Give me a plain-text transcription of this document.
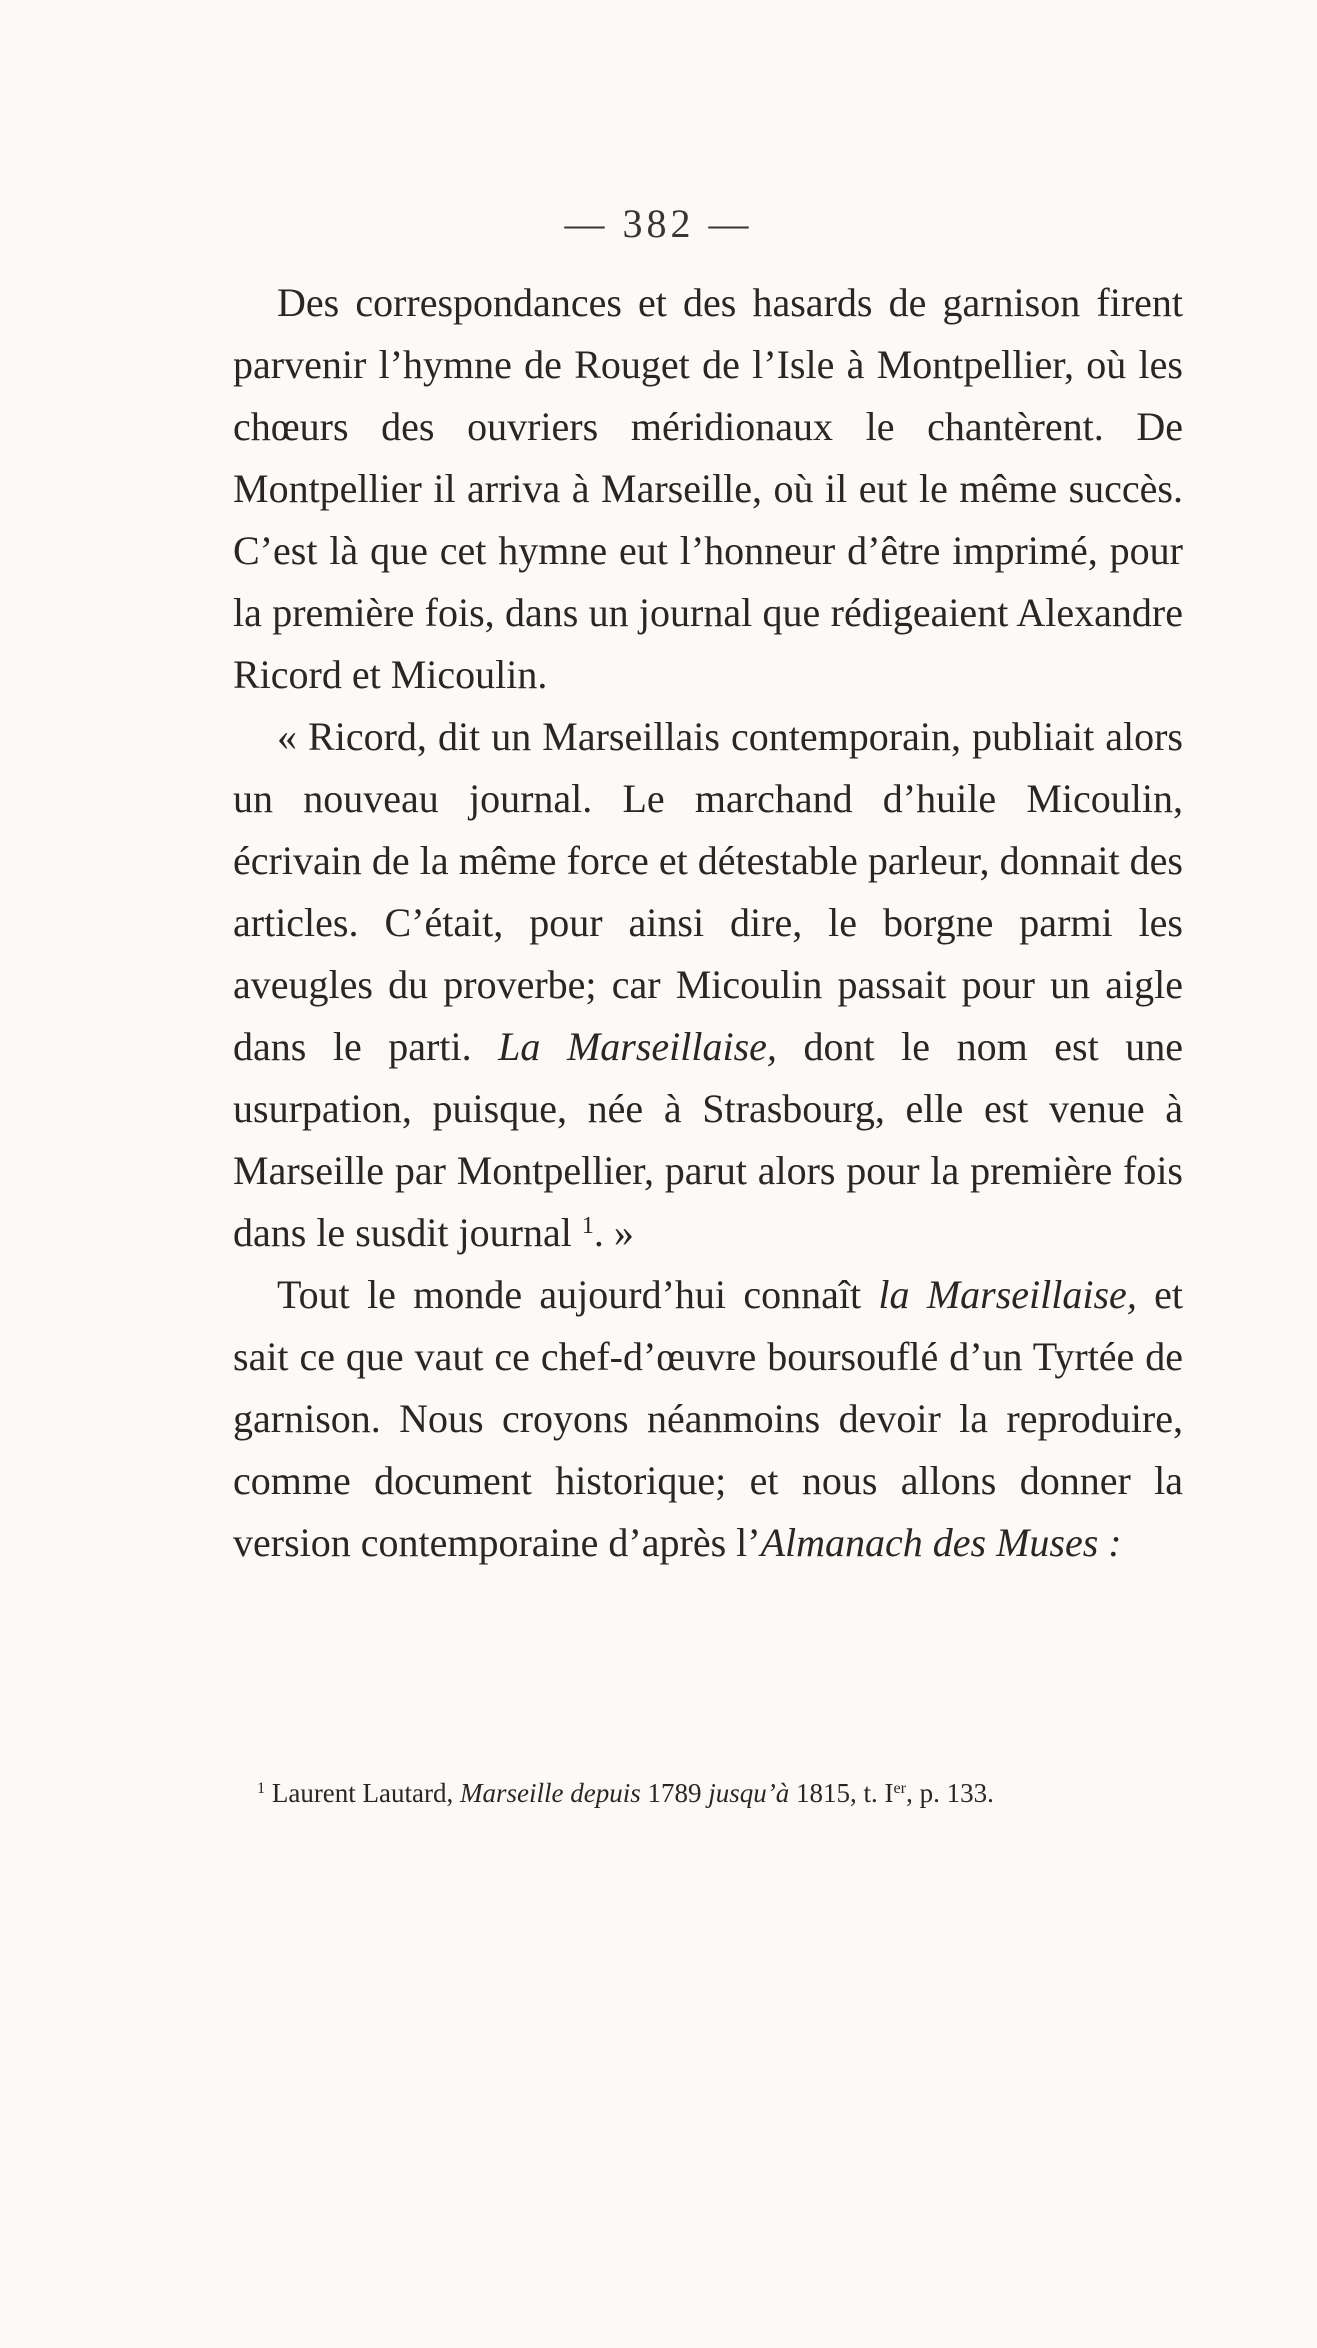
— 382 —

Des correspondances et des hasards de garnison firent parvenir l’hymne de Rouget de l’Isle à Montpellier, où les chœurs des ouvriers méridionaux le chantèrent. De Montpellier il arriva à Marseille, où il eut le même succès. C’est là que cet hymne eut l’honneur d’être imprimé, pour la première fois, dans un journal que rédigeaient Alexandre Ricord et Micoulin.

« Ricord, dit un Marseillais contemporain, publiait alors un nouveau journal. Le marchand d’huile Micoulin, écrivain de la même force et détestable parleur, donnait des articles. C’était, pour ainsi dire, le borgne parmi les aveugles du proverbe; car Micoulin passait pour un aigle dans le parti. La Marseillaise, dont le nom est une usurpation, puisque, née à Strasbourg, elle est venue à Marseille par Montpellier, parut alors pour la première fois dans le susdit journal $^1$. »

Tout le monde aujourd’hui connaît la Marseillaise, et sait ce que vaut ce chef-d’œuvre boursouflé d’un Tyrtée de garnison. Nous croyons néanmoins devoir la reproduire, comme document historique; et nous allons donner la version contemporaine d’après l’Almanach des Muses :

$^1$ Laurent Lautard, Marseille depuis 1789 jusqu’à 1815, t. Ier, p. 133.
